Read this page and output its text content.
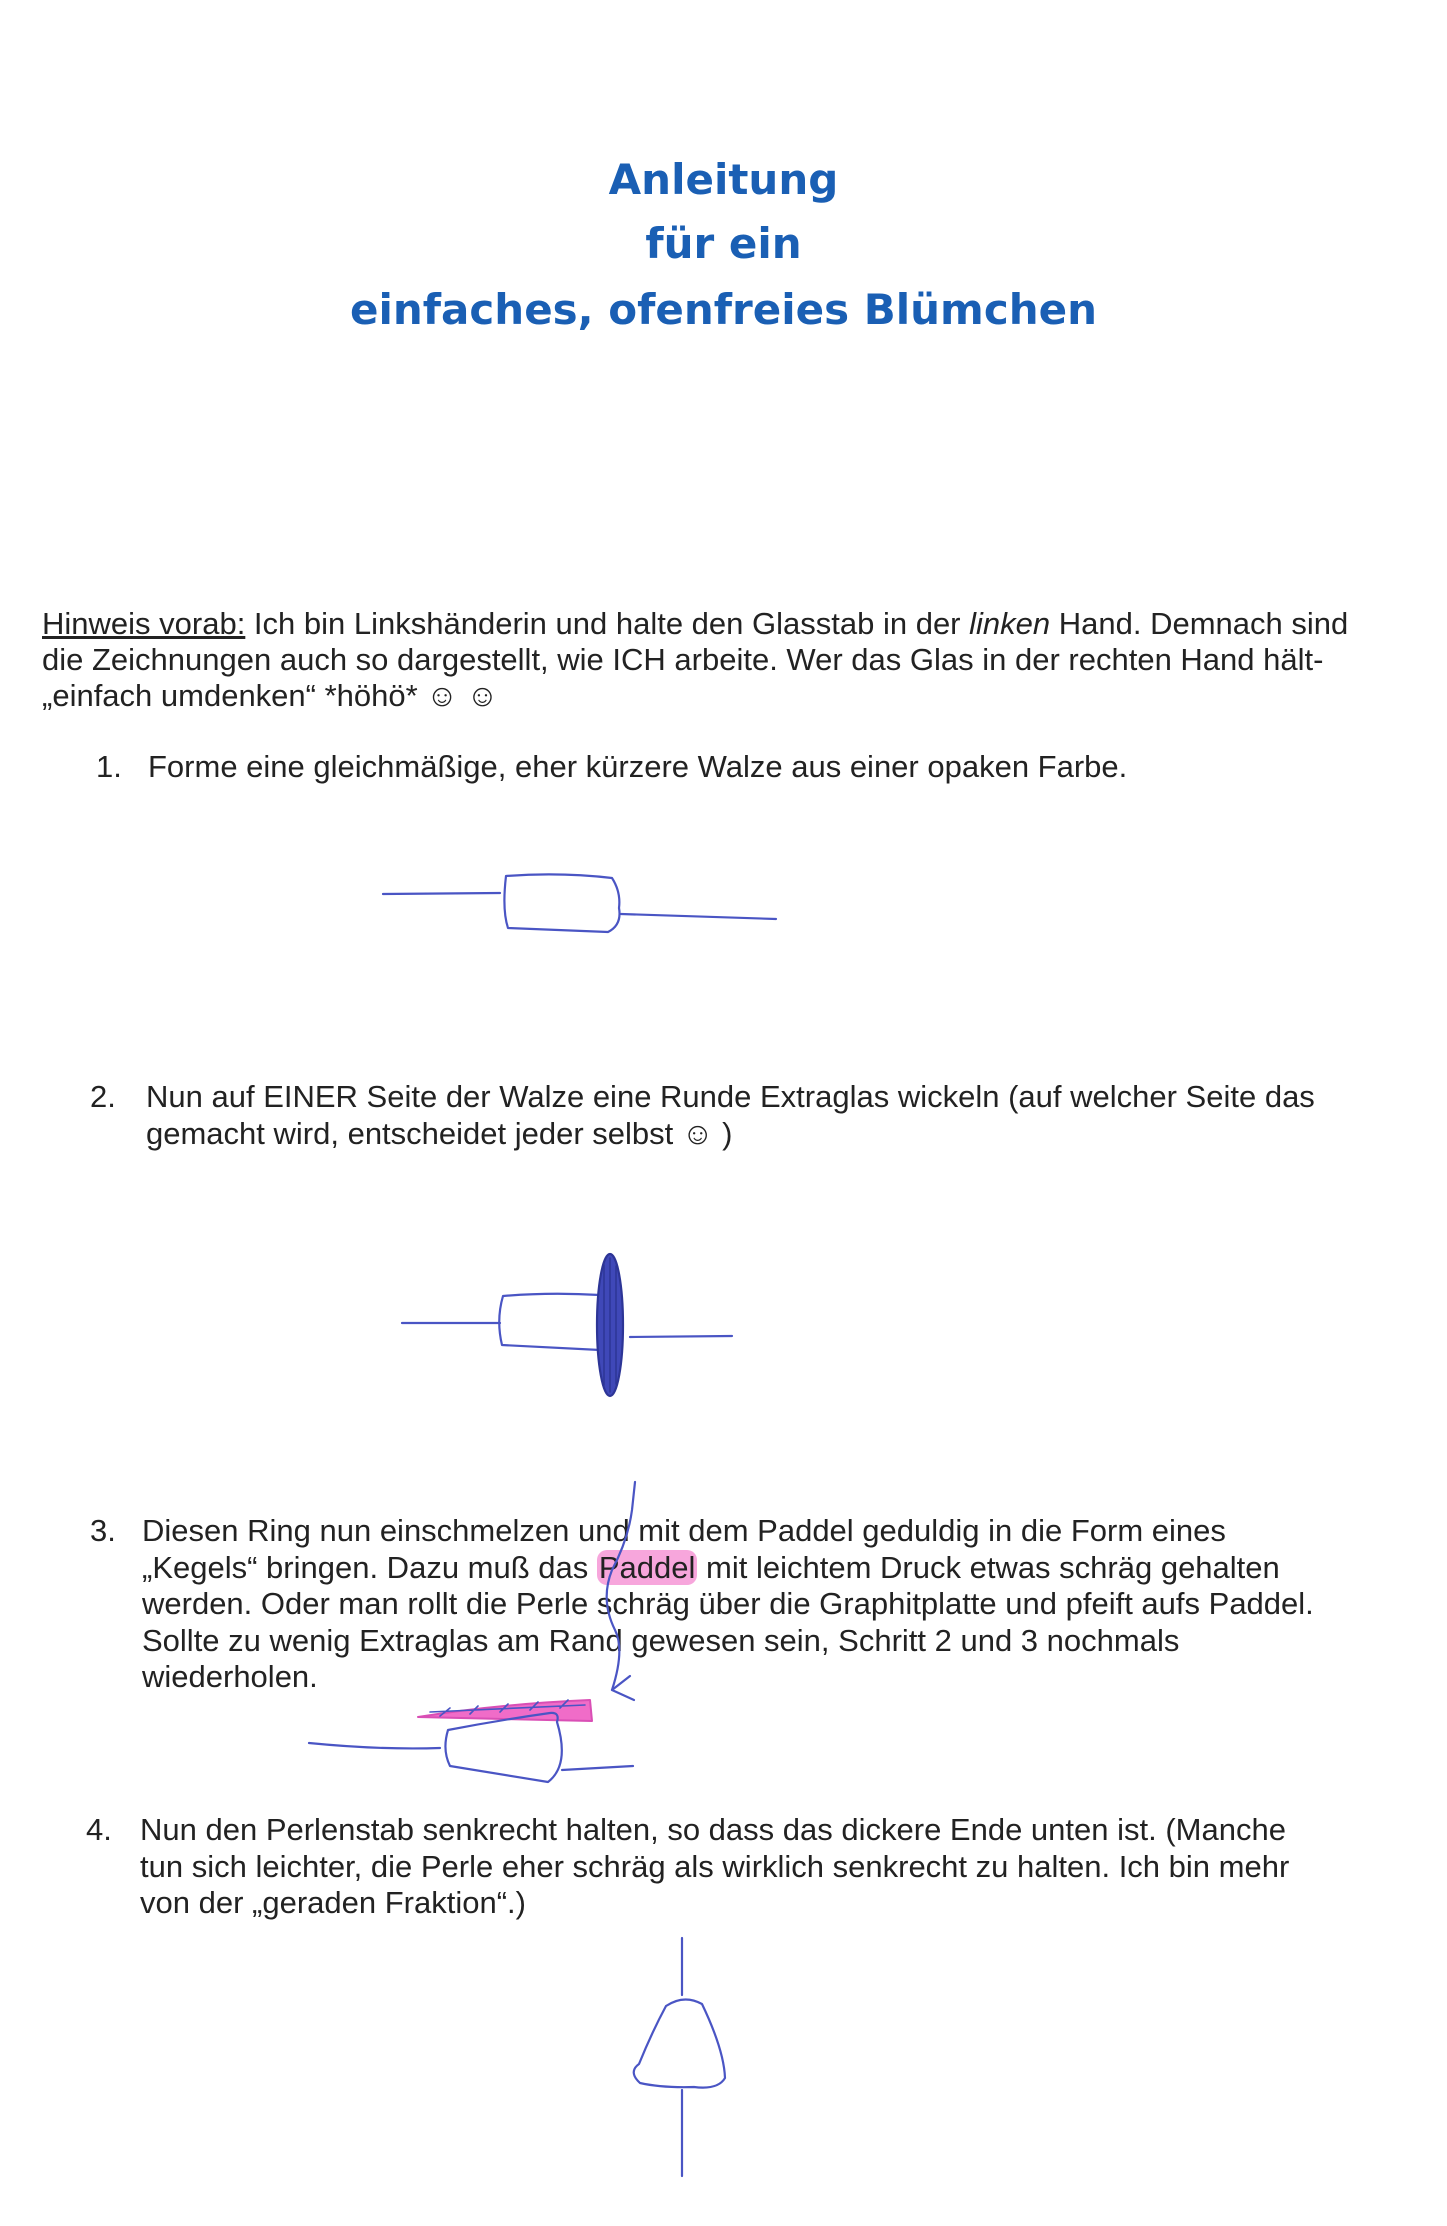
Anleitung
für ein
einfaches, ofenfreies Blümchen

Hinweis vorab: Ich bin Linkshänderin und halte den Glasstab in der linken Hand. Demnach sind die Zeichnungen auch so dargestellt, wie ICH arbeite. Wer das Glas in der rechten Hand hält- „einfach umdenken“ *höhö* ☺ ☺

1. Forme eine gleichmäßige, eher kürzere Walze aus einer opaken Farbe.
2. Nun auf EINER Seite der Walze eine Runde Extraglas wickeln (auf welcher Seite das
gemacht wird, entscheidet jeder selbst ☺ )
3. Diesen Ring nun einschmelzen und mit dem Paddel geduldig in die Form eines
„Kegels“ bringen. Dazu muß das Paddel mit leichtem Druck etwas schräg gehalten
werden. Oder man rollt die Perle schräg über die Graphitplatte und pfeift aufs Paddel.
Sollte zu wenig Extraglas am Rand gewesen sein, Schritt 2 und 3 nochmals
wiederholen.
4. Nun den Perlenstab senkrecht halten, so dass das dickere Ende unten ist. (Manche
tun sich leichter, die Perle eher schräg als wirklich senkrecht zu halten. Ich bin mehr
von der „geraden Fraktion“.)
